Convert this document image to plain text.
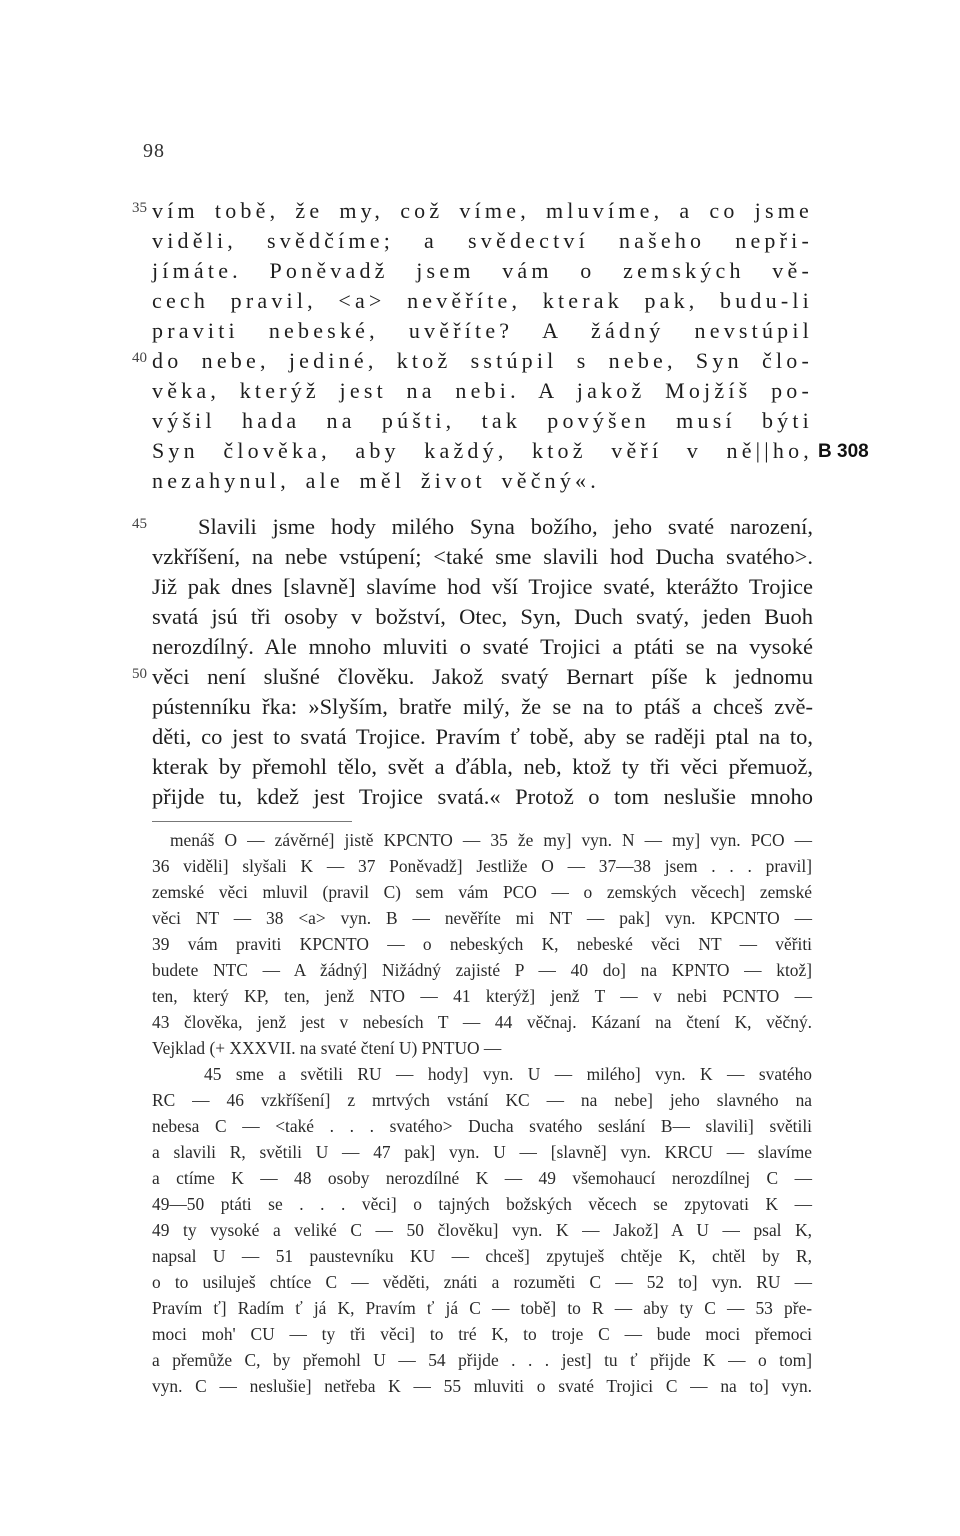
98
35 vím tobě, že my, což víme, mluvíme, a co jsme
viděli, svědčíme; a svědectví našeho nepři-
jímáte. Poněvadž jsem vám o zemských vě-
cech pravil, <a> nevěříte, kterak pak, budu-li
praviti nebeské, uvěříte? A žádný nevstúpil
40 do nebe, jediné, ktož sstúpil s nebe, Syn člo-
věka, kterýž jest na nebi. A jakož Mojžíš po-
výšil hada na púšti, tak povýšen musí býti
Syn člověka, aby každý, ktož věří v ně||ho,
nezahynul, ale měl život věčný«.
B 308
45 Slavili jsme hody milého Syna božího, jeho svaté narození,
vzkříšení, na nebe vstúpení; <také sme slavili hod Ducha svatého>.
Již pak dnes [slavně] slavíme hod vší Trojice svaté, kterážto Trojice
svatá jsú tři osoby v božství, Otec, Syn, Duch svatý, jeden Buoh
nerozdílný. Ale mnoho mluviti o svaté Trojici a ptáti se na vysoké
50 věci není slušné člověku. Jakož svatý Bernart píše k jednomu
pústenníku řka: »Slyším, bratře milý, že se na to ptáš a chceš zvě-
děti, co jest to svatá Trojice. Pravím ť tobě, aby se raději ptal na to,
kterak by přemohl tělo, svět a ďábla, neb, ktož ty tři věci přemuož,
přijde tu, kdež jest Trojice svatá.« Protož o tom neslušie mnoho
menáš O — závěrné] jistě KPCNTO — 35 že my] vyn. N — my] vyn. PCO —
36 viděli] slyšali K — 37 Poněvadž] Jestliže O — 37—38 jsem . . . pravil]
zemské věci mluvil (pravil C) sem vám PCO — o zemských věcech] zemské
věci NT — 38 <a> vyn. B — nevěříte mi NT — pak] vyn. KPCNTO —
39 vám praviti KPCNTO — o nebeských K, nebeské věci NT — věřiti
budete NTC — A žádný] Nižádný zajisté P — 40 do] na KPNTO — ktož]
ten, který KP, ten, jenž NTO — 41 kterýž] jenž T — v nebi PCNTO —
43 člověka, jenž jest v nebesích T — 44 věčnaj. Kázaní na čtení K, věčný.
Vejklad (+ XXXVII. na svaté čtení U) PNTUO —
45 sme a světili RU — hody] vyn. U — milého] vyn. K — svatého
RC — 46 vzkříšení] z mrtvých vstání KC — na nebe] jeho slavného na
nebesa C — <také . . . svatého> Ducha svatého seslání B— slavili] světili
a slavili R, světili U — 47 pak] vyn. U — [slavně] vyn. KRCU — slavíme
a ctíme K — 48 osoby nerozdílné K — 49 všemohaucí nerozdílnej C —
49—50 ptáti se . . . věci] o tajných božských věcech se zpytovati K —
49 ty vysoké a veliké C — 50 člověku] vyn. K — Jakož] A U — psal K,
napsal U — 51 paustevníku KU — chceš] zpytuješ chtěje K, chtěl by R,
o to usiluješ chtíce C — věděti, znáti a rozuměti C — 52 to] vyn. RU —
Pravím ť] Radím ť já K, Pravím ť já C — tobě] to R — aby ty C — 53 pře-
moci moh' CU — ty tři věci] to tré K, to troje C — bude moci přemoci
a přemůže C, by přemohl U — 54 přijde . . . jest] tu ť přijde K — o tom]
vyn. C — neslušie] netřeba K — 55 mluviti o svaté Trojici C — na to] vyn.
